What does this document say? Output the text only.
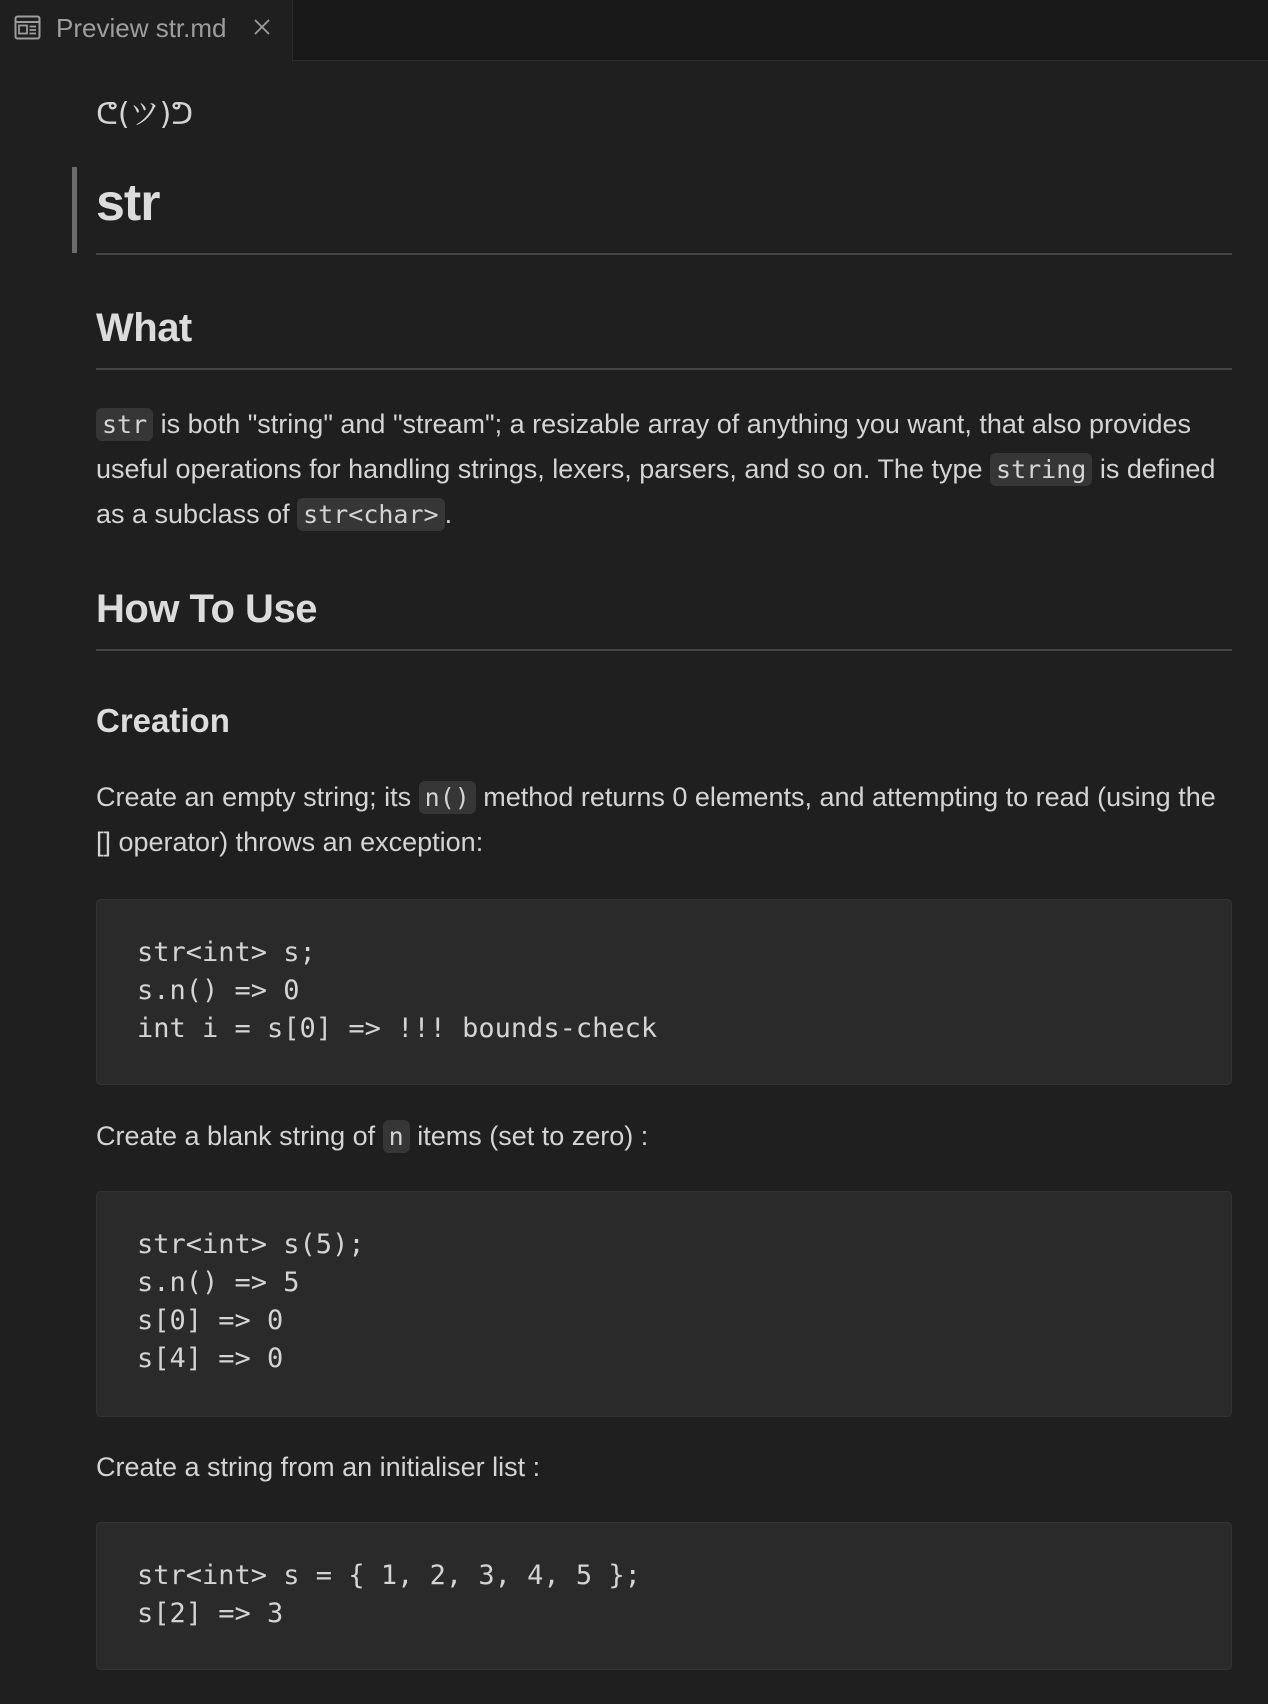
Preview str.md
ᕦ(ツ)ᕤ
str
What

str is both "string" and "stream"; a resizable array of anything you want, that also provides useful operations for handling strings, lexers, parsers, and so on. The type string is defined as a subclass of str<char> .

How To Use
Creation

Create an empty string; its n() method returns 0 elements, and attempting to read (using the [] operator) throws an exception:

str<int> s;
s.n() => 0
int i = s[0] => !!! bounds-check

Create a blank string of n items (set to zero) :

str<int> s(5);
s.n() => 5
s[0] => 0
s[4] => 0

Create a string from an initialiser list :

str<int> s = { 1, 2, 3, 4, 5 };
s[2] => 3
